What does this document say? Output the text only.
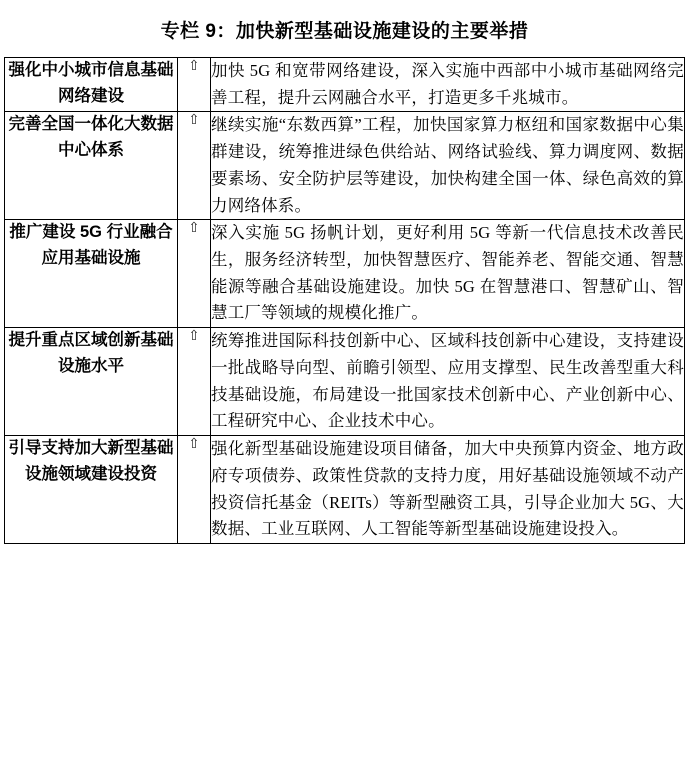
专栏 9：加快新型基础设施建设的主要举措
强化中小城市信息基础网络建设	⇧	加快 5G 和宽带网络建设，深入实施中西部中小城市基础网络完善工程，提升云网融合水平，打造更多千兆城市。
完善全国一体化大数据中心体系	⇧	继续实施“东数西算”工程，加快国家算力枢纽和国家数据中心集群建设，统筹推进绿色供给站、网络试验线、算力调度网、数据要素场、安全防护层等建设，加快构建全国一体、绿色高效的算力网络体系。
推广建设 5G 行业融合应用基础设施	⇧	深入实施 5G 扬帆计划，更好利用 5G 等新一代信息技术改善民生，服务经济转型，加快智慧医疗、智能养老、智能交通、智慧能源等融合基础设施建设。加快 5G 在智慧港口、智慧矿山、智慧工厂等领域的规模化推广。
提升重点区域创新基础设施水平	⇧	统筹推进国际科技创新中心、区域科技创新中心建设，支持建设一批战略导向型、前瞻引领型、应用支撑型、民生改善型重大科技基础设施，布局建设一批国家技术创新中心、产业创新中心、工程研究中心、企业技术中心。
引导支持加大新型基础设施领域建设投资	⇧	强化新型基础设施建设项目储备，加大中央预算内资金、地方政府专项债券、政策性贷款的支持力度，用好基础设施领域不动产投资信托基金（REITs）等新型融资工具，引导企业加大 5G、大数据、工业互联网、人工智能等新型基础设施建设投入。
